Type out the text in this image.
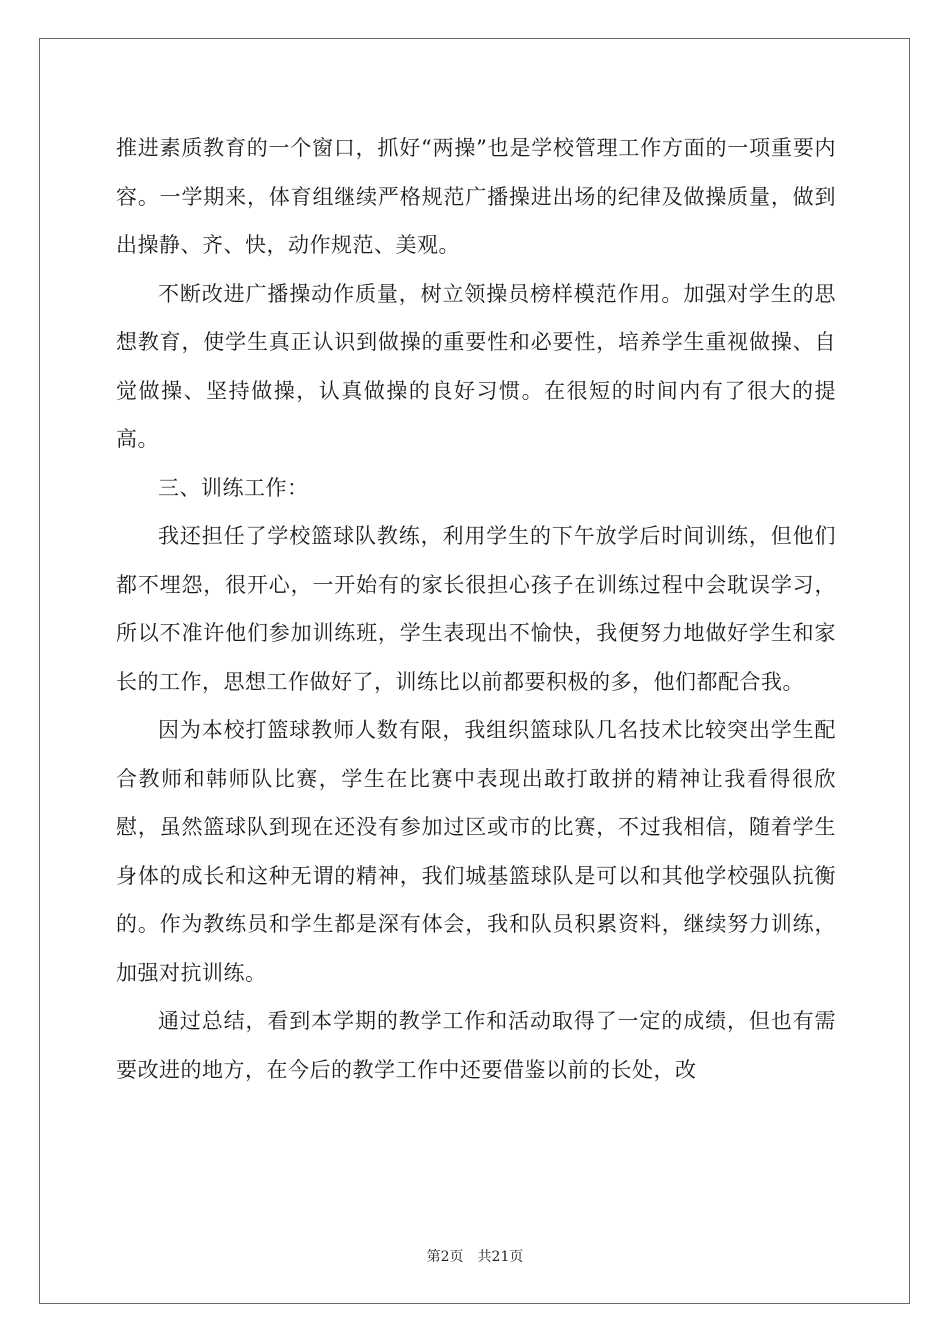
推进素质教育的一个窗口，抓好“两操”也是学校管理工作方面的一项重要内容。一学期来，体育组继续严格规范广播操进出场的纪律及做操质量，做到出操静、齐、快，动作规范、美观。

不断改进广播操动作质量，树立领操员榜样模范作用。加强对学生的思想教育，使学生真正认识到做操的重要性和必要性，培养学生重视做操、自觉做操、坚持做操，认真做操的良好习惯。在很短的时间内有了很大的提高。

三、训练工作：

我还担任了学校篮球队教练，利用学生的下午放学后时间训练，但他们都不埋怨，很开心，一开始有的家长很担心孩子在训练过程中会耽误学习，所以不准许他们参加训练班，学生表现出不愉快，我便努力地做好学生和家长的工作，思想工作做好了，训练比以前都要积极的多，他们都配合我。

因为本校打篮球教师人数有限，我组织篮球队几名技术比较突出学生配合教师和韩师队比赛，学生在比赛中表现出敢打敢拼的精神让我看得很欣慰，虽然篮球队到现在还没有参加过区或市的比赛，不过我相信，随着学生身体的成长和这种无谓的精神，我们城基篮球队是可以和其他学校强队抗衡的。作为教练员和学生都是深有体会，我和队员积累资料，继续努力训练，加强对抗训练。

通过总结，看到本学期的教学工作和活动取得了一定的成绩，但也有需要改进的地方，在今后的教学工作中还要借鉴以前的长处，改

第2页 共21页
